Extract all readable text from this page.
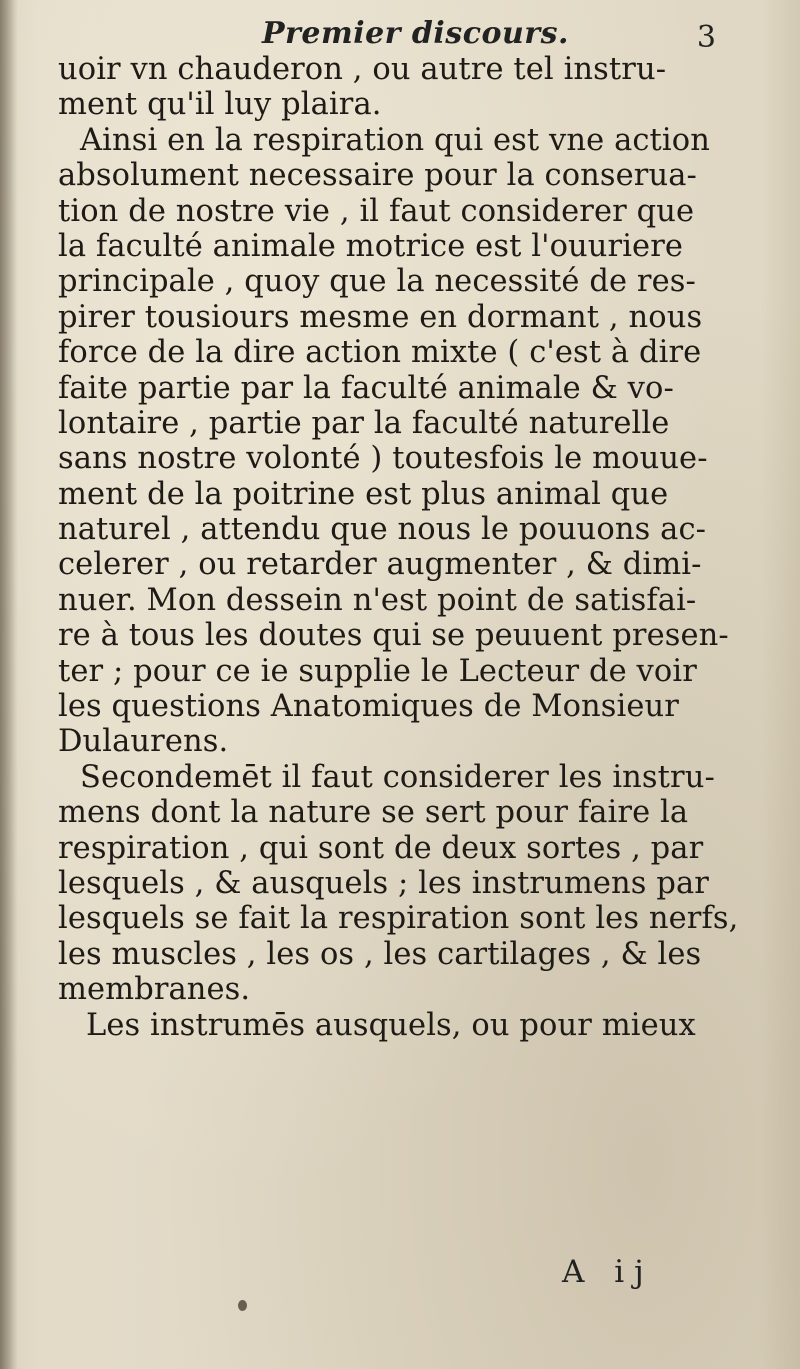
Premier discours.	3
uoir vn chauderon , ou autre tel instru-
ment qu'il luy plaira.
Ainsi en la respiration qui est vne action
absolument necessaire pour la conserua-
tion de nostre vie , il faut considerer que
la faculté animale motrice est l'ouuriere
principale , quoy que la necessité de res-
pirer tousiours mesme en dormant , nous
force de la dire action mixte ( c'est à dire
faite partie par la faculté animale & vo-
lontaire , partie par la faculté naturelle
sans nostre volonté ) toutesfois le mouue-
ment de la poitrine est plus animal que
naturel , attendu que nous le pouuons ac-
celerer , ou retarder augmenter , & dimi-
nuer. Mon dessein n'est point de satisfai-
re à tous les doutes qui se peuuent presen-
ter ; pour ce ie supplie le Lecteur de voir
les questions Anatomiques de Monsieur
Dulaurens.
Secondemēt il faut considerer les instru-
mens dont la nature se sert pour faire la
respiration , qui sont de deux sortes , par
lesquels , & ausquels ; les instrumens par
lesquels se fait la respiration sont les nerfs,
les muscles , les os , les cartilages , & les
membranes.
Les instrumēs ausquels, ou pour mieux
A ij
